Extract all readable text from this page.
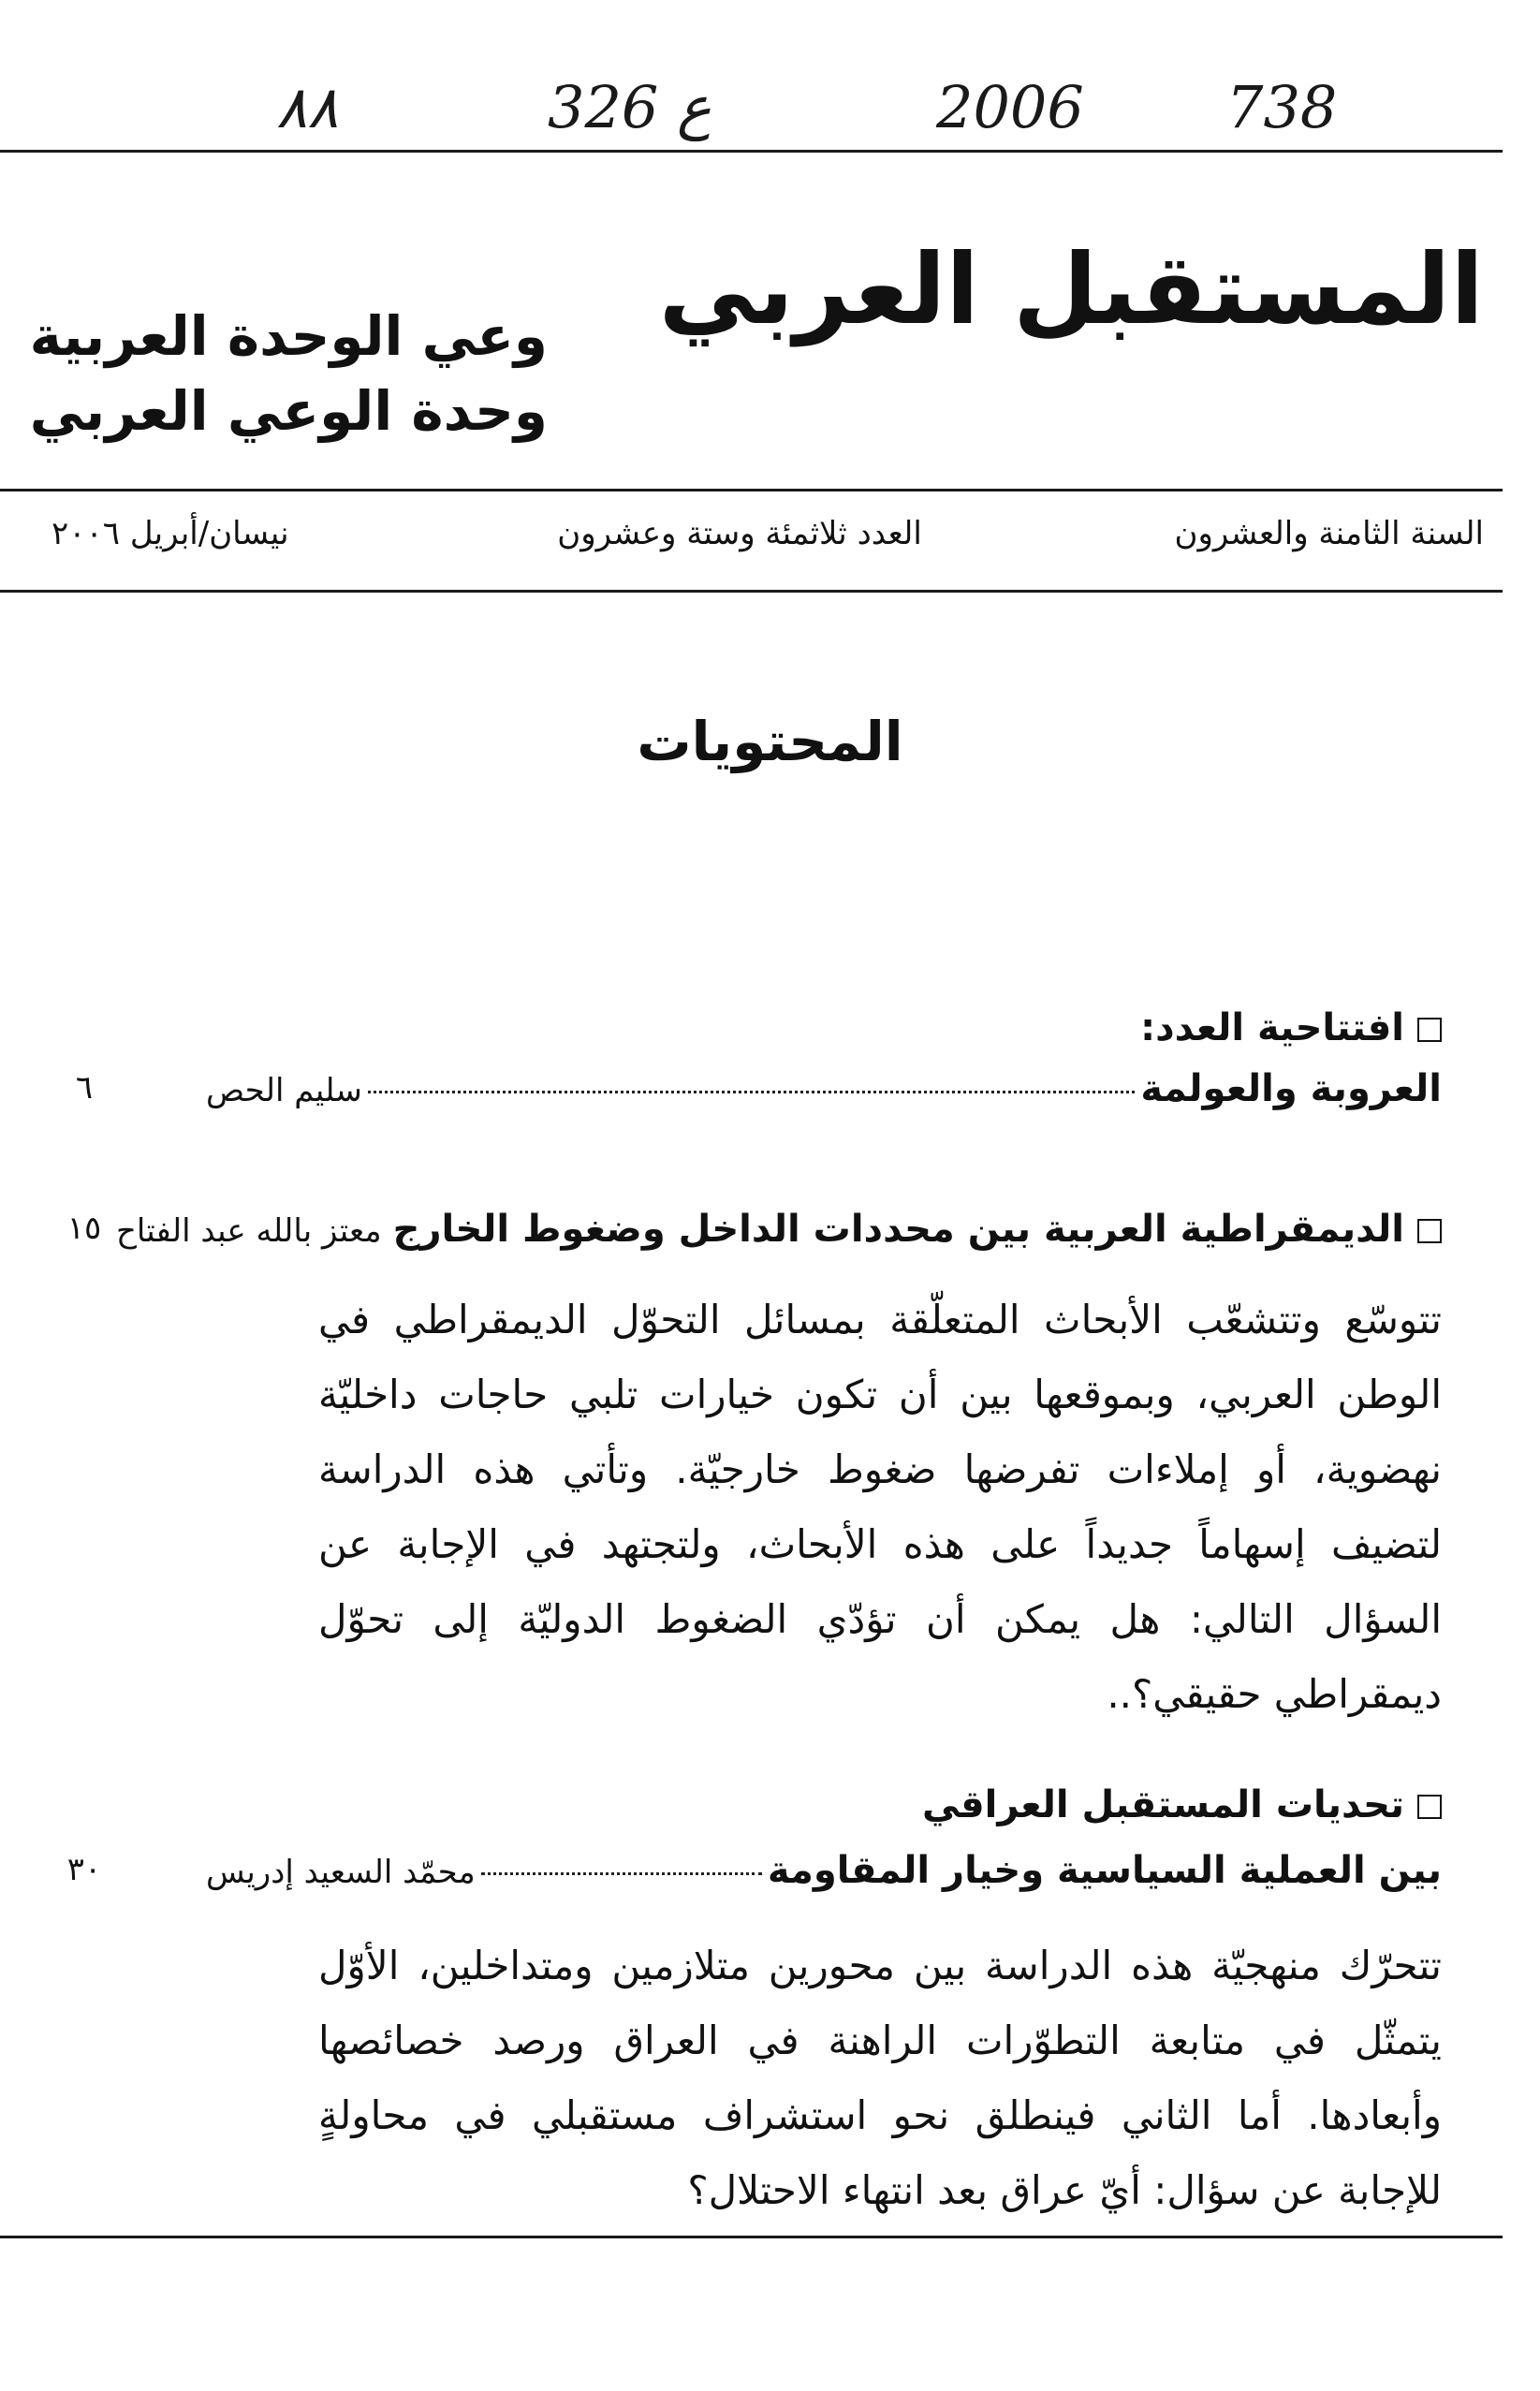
٨٨	326 ع	2006 738
المستقبل العربي
وعي الوحدة العربية
وحدة الوعي العربي
السنة الثامنة والعشرون
العدد ثلاثمئة وستة وعشرون
نيسان/أبريل ٢٠٠٦
المحتويات
افتتاحية العدد:
العروبة والعولمة
سليم الحص
٦
الديمقراطية العربية بين محددات الداخل وضغوط الخارج
معتز بالله عبد الفتاح
١٥
تتوسّع وتتشعّب الأبحاث المتعلّقة بمسائل التحوّل الديمقراطي في الوطن العربي، وبموقعها بين أن تكون خيارات تلبي حاجات داخليّة نهضوية، أو إملاءات تفرضها ضغوط خارجيّة. وتأتي هذه الدراسة لتضيف إسهاماً جديداً على هذه الأبحاث، ولتجتهد في الإجابة عن السؤال التالي: هل يمكن أن تؤدّي الضغوط الدوليّة إلى تحوّل ديمقراطي حقيقي؟..
تحديات المستقبل العراقي
بين العملية السياسية وخيار المقاومة
محمّد السعيد إدريس
٣٠
تتحرّك منهجيّة هذه الدراسة بين محورين متلازمين ومتداخلين، الأوّل يتمثّل في متابعة التطوّرات الراهنة في العراق ورصد خصائصها وأبعادها. أما الثاني فينطلق نحو استشراف مستقبلي في محاولةٍ للإجابة عن سؤال: أيّ عراق بعد انتهاء الاحتلال؟
